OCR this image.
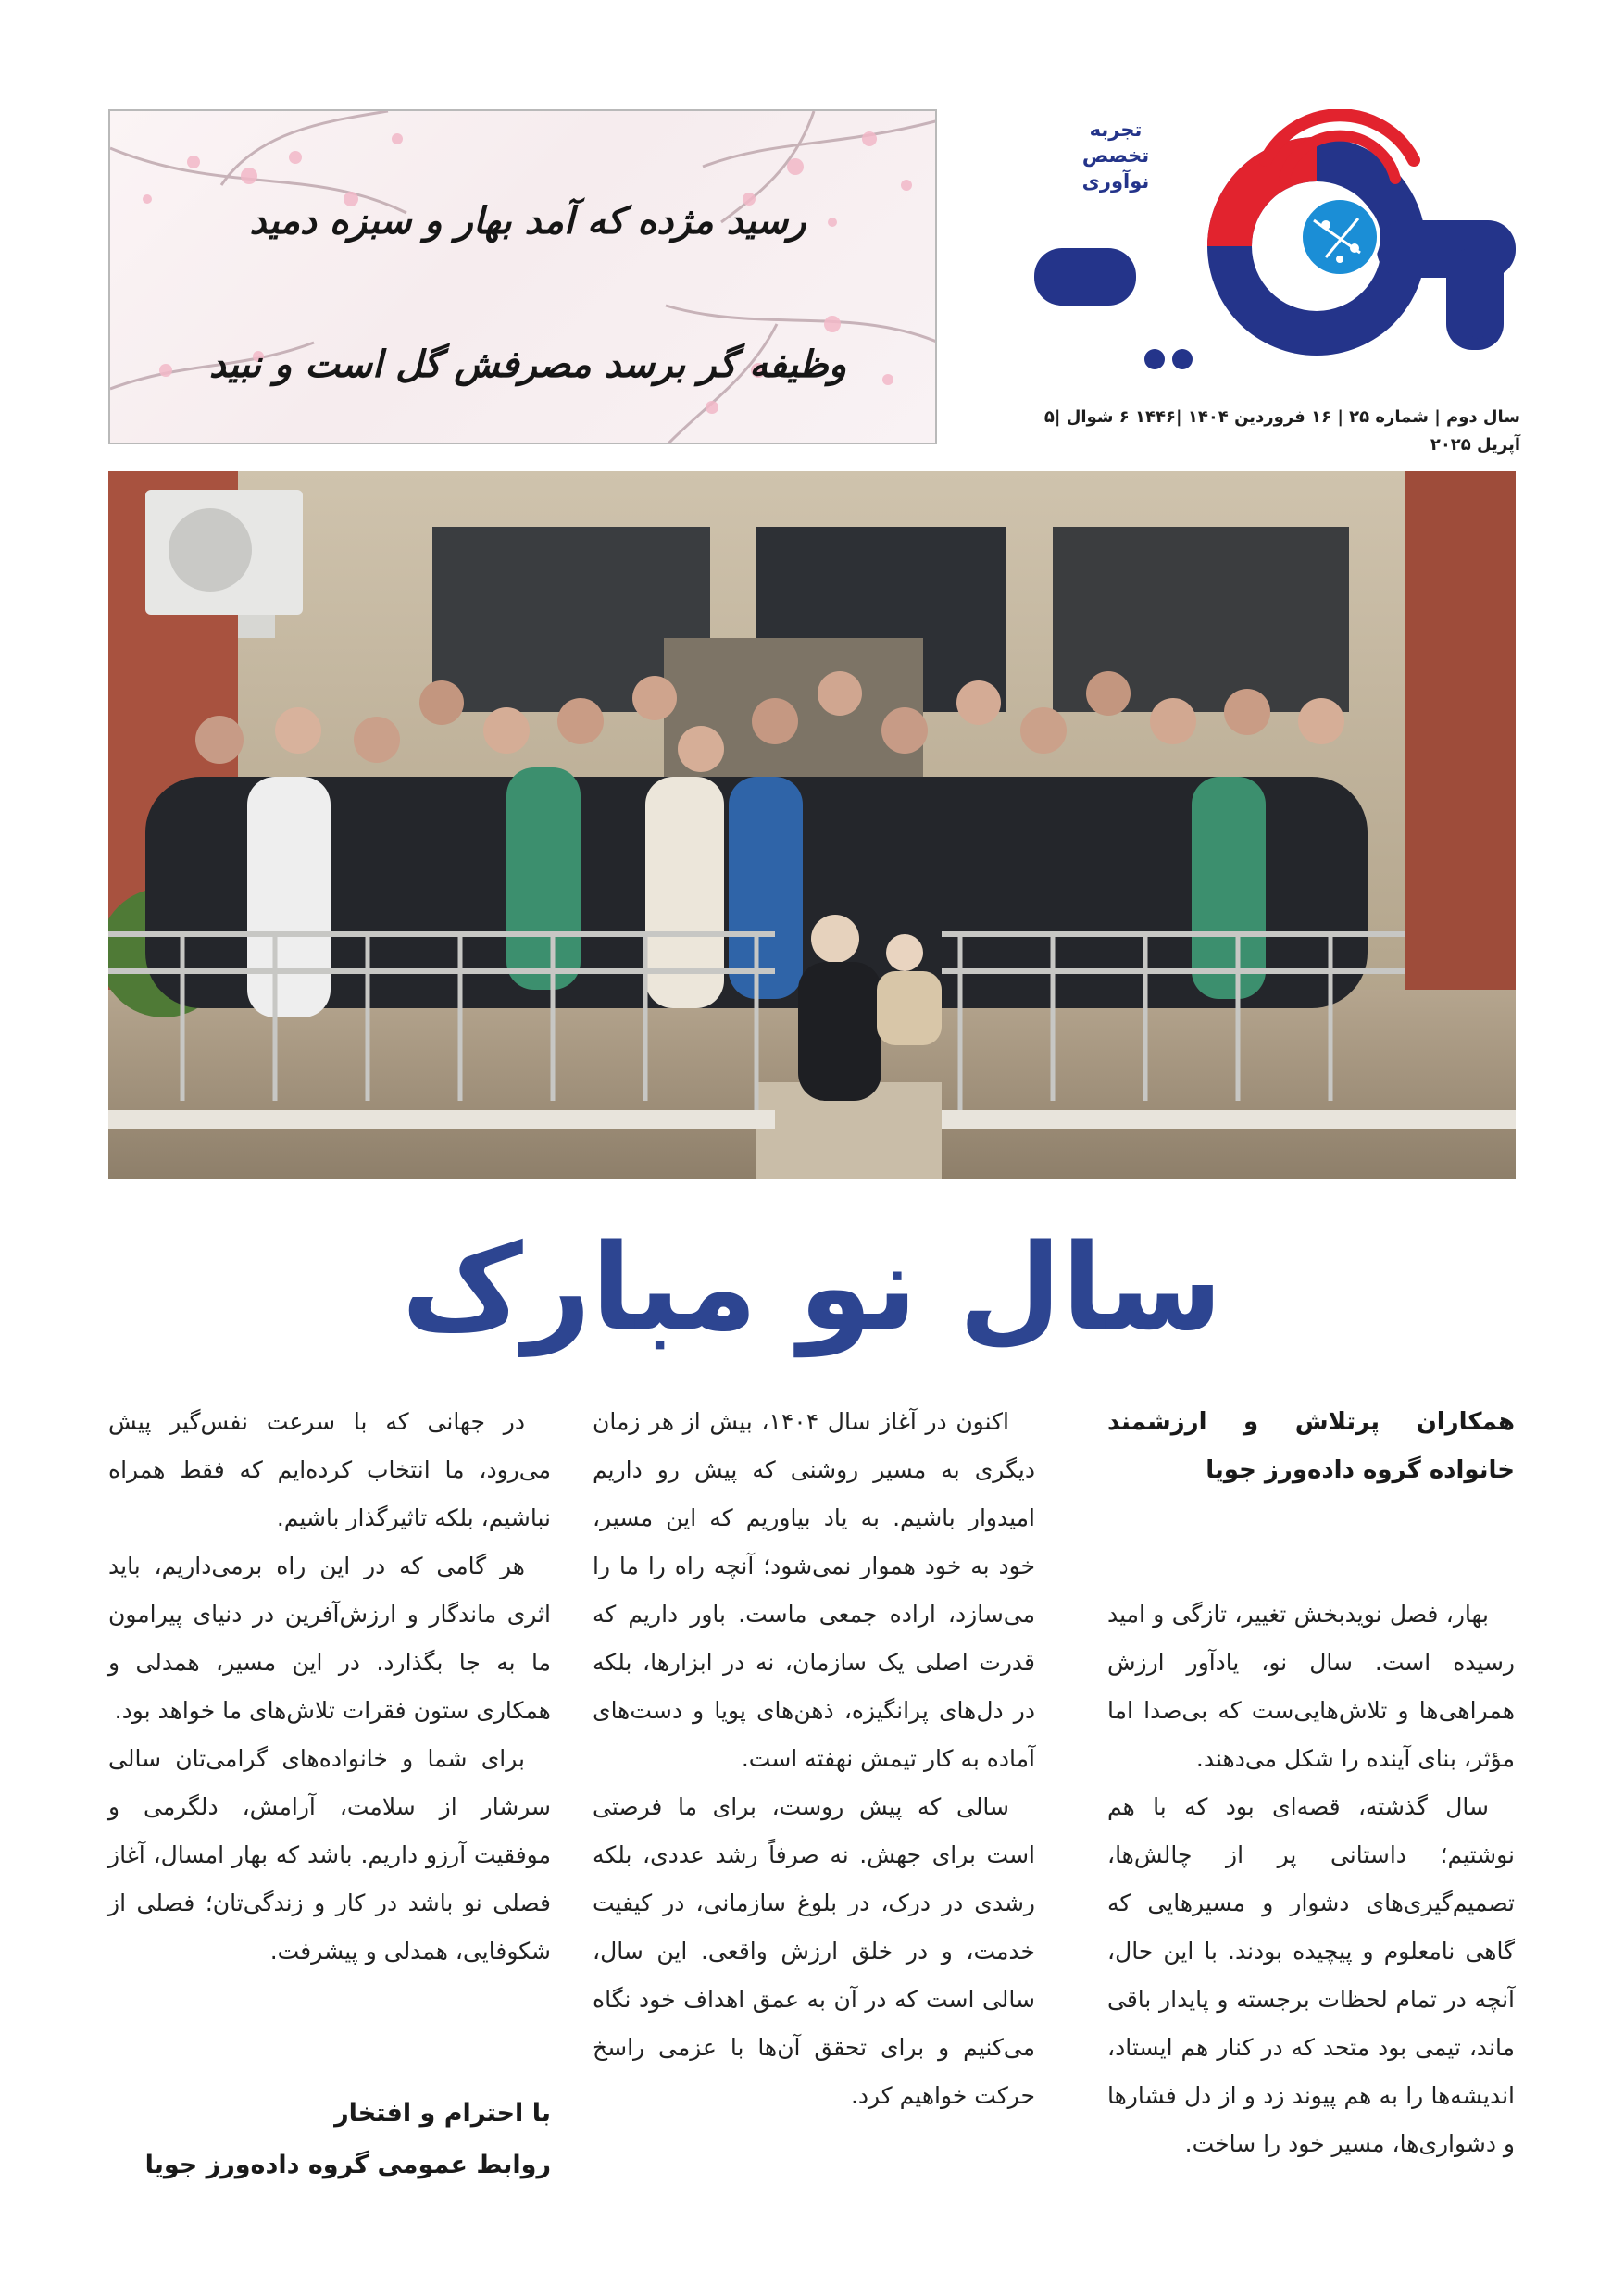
تجربه
تخصص
نوآوری
نامه
سال دوم | شماره ۲۵ | ۱۶ فروردین ۱۴۰۴ |۱۴۴۶ ۶ شوال |۵ آپریل ۲۰۲۵
رسید مژده که آمد بهار و سبزه دمید
وظیفه گر برسد مصرفش گل است و نبید
سال نو مبارک

همکاران پرتلاش و ارزشمند خانواده گروه داده‌ورز جویا

بهار، فصل نویدبخش تغییر، تازگی و امید رسیده است. سال نو، یادآور ارزش همراهی‌ها و تلاش‌هایی‌ست که بی‌صدا اما مؤثر، بنای آینده را شکل می‌دهند.

سال گذشته، قصه‌ای بود که با هم نوشتیم؛ داستانی پر از چالش‌ها، تصمیم‌گیری‌های دشوار و مسیرهایی که گاهی نامعلوم و پیچیده بودند. با این حال، آنچه در تمام لحظات برجسته و پایدار باقی ماند، تیمی بود متحد که در کنار هم ایستاد، اندیشه‌ها را به هم پیوند زد و از دل فشارها و دشواری‌ها، مسیر خود را ساخت.

اکنون در آغاز سال ۱۴۰۴، بیش از هر زمان دیگری به مسیر روشنی که پیش رو داریم امیدوار باشیم. به یاد بیاوریم که این مسیر، خود به خود هموار نمی‌شود؛ آنچه راه را ما را می‌سازد، اراده جمعی ماست. باور داریم که قدرت اصلی یک سازمان، نه در ابزارها، بلکه در دل‌های پرانگیزه، ذهن‌های پویا و دست‌های آماده به کار تیمش نهفته است.

سالی که پیش روست، برای ما فرصتی است برای جهش. نه صرفاً رشد عددی، بلکه رشدی در درک، در بلوغ سازمانی، در کیفیت خدمت، و در خلق ارزش واقعی. این سال، سالی است که در آن به عمق اهداف خود نگاه می‌کنیم و برای تحقق آن‌ها با عزمی راسخ حرکت خواهیم کرد.

در جهانی که با سرعت نفس‌گیر پیش می‌رود، ما انتخاب کرده‌ایم که فقط همراه نباشیم، بلکه تاثیرگذار باشیم.

هر گامی که در این راه برمی‌داریم، باید اثری ماندگار و ارزش‌آفرین در دنیای پیرامون ما به جا بگذارد. در این مسیر، همدلی و همکاری ستون فقرات تلاش‌های ما خواهد بود.

برای شما و خانواده‌های گرامی‌تان سالی سرشار از سلامت، آرامش، دلگرمی و موفقیت آرزو داریم. باشد که بهار امسال، آغاز فصلی نو باشد در کار و زندگی‌تان؛ فصلی از شکوفایی، همدلی و پیشرفت.

با احترام و افتخار
روابط عمومی گروه داده‌ورز جویا
